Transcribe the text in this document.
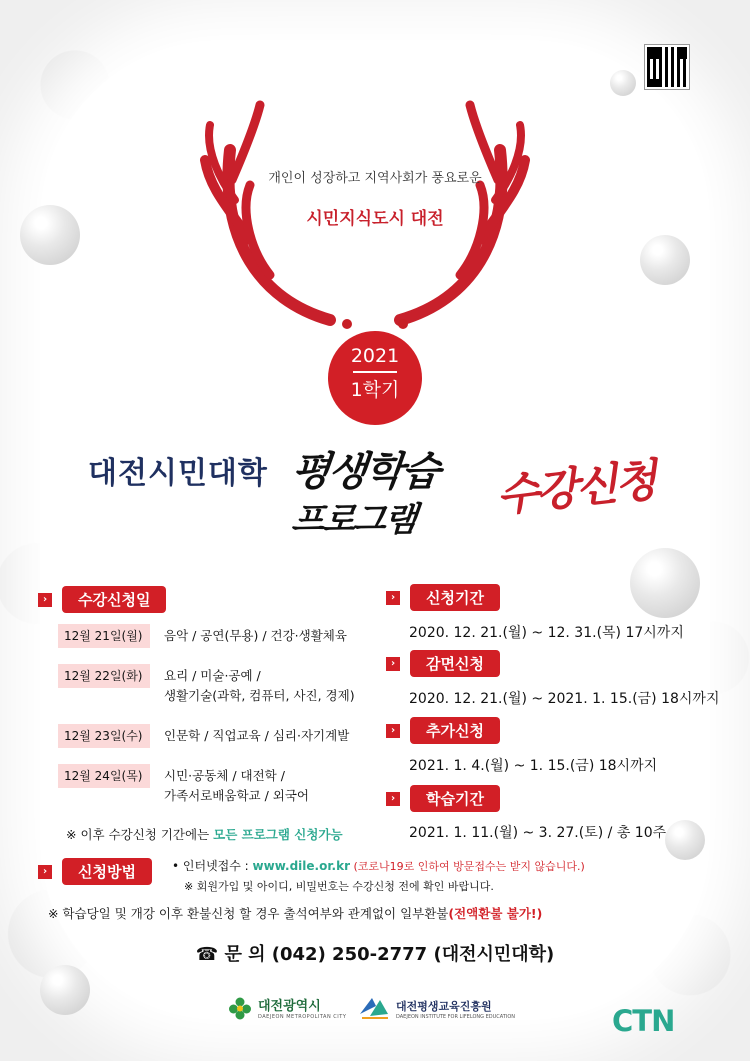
개인이 성장하고 지역사회가 풍요로운
시민지식도시 대전
2021
1학기
대전시민대학 평생학습
프로그램 수강신청
›	수강신청일
12월 21일(월)	음악 / 공연(무용) / 건강·생활체육
12월 22일(화)	요리 / 미술·공예 /
생활기술(과학, 컴퓨터, 사진, 경제)
12월 23일(수)	인문학 / 직업교육 / 심리·자기계발
12월 24일(목)	시민·공동체 / 대전학 /
가족서로배움학교 / 외국어
※ 이후 수강신청 기간에는 모든 프로그램 신청가능
›	신청기간
2020. 12. 21.(월) ~ 12. 31.(목) 17시까지
›	감면신청
2020. 12. 21.(월) ~ 2021. 1. 15.(금) 18시까지
›	추가신청
2021. 1. 4.(월) ~ 1. 15.(금) 18시까지
›	학습기간
2021. 1. 11.(월) ~ 3. 27.(토) / 총 10주
›	신청방법	• 인터넷접수 : www.dile.or.kr (코로나19로 인하여 방문접수는 받지 않습니다.)
※ 회원가입 및 아이디, 비밀번호는 수강신청 전에 확인 바랍니다.
※ 학습당일 및 개강 이후 환불신청 할 경우 출석여부와 관계없이 일부환불(전액환불 불가!)
☎ 문 의 (042) 250-2777 (대전시민대학)
대전광역시
DAEJEON METROPOLITAN CITY
대전평생교육진흥원
DAEJEON INSTITUTE FOR LIFELONG EDUCATION	CTN
